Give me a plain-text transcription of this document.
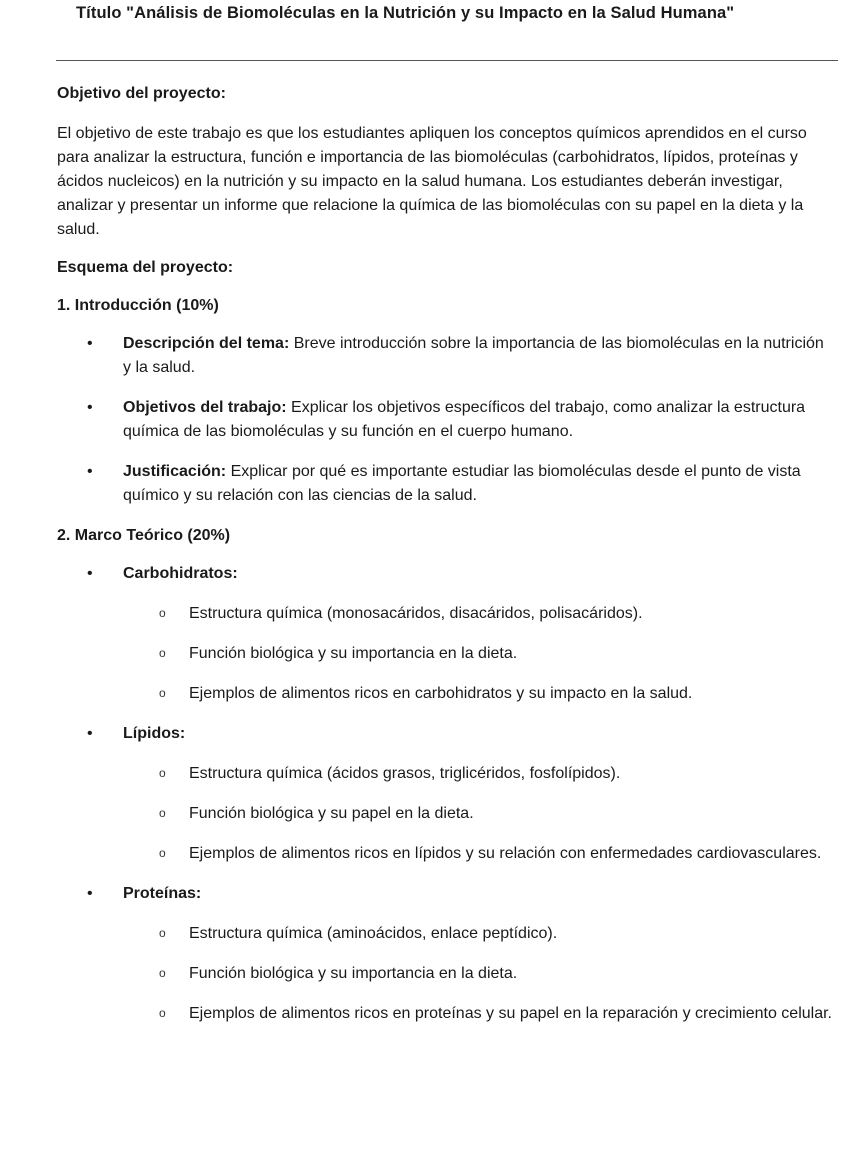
Título "Análisis de Biomoléculas en la Nutrición y su Impacto en la Salud Humana"

Objetivo del proyecto:

El objetivo de este trabajo es que los estudiantes apliquen los conceptos químicos aprendidos en el curso para analizar la estructura, función e importancia de las biomoléculas (carbohidratos, lípidos, proteínas y ácidos nucleicos) en la nutrición y su impacto en la salud humana. Los estudiantes deberán investigar, analizar y presentar un informe que relacione la química de las biomoléculas con su papel en la dieta y la salud.

Esquema del proyecto:

1. Introducción (10%)

• Descripción del tema: Breve introducción sobre la importancia de las biomoléculas en la nutrición y la salud.
• Objetivos del trabajo: Explicar los objetivos específicos del trabajo, como analizar la estructura química de las biomoléculas y su función en el cuerpo humano.
• Justificación: Explicar por qué es importante estudiar las biomoléculas desde el punto de vista químico y su relación con las ciencias de la salud.

2. Marco Teórico (20%)

• Carbohidratos:
o Estructura química (monosacáridos, disacáridos, polisacáridos).
o Función biológica y su importancia en la dieta.
o Ejemplos de alimentos ricos en carbohidratos y su impacto en la salud.
• Lípidos:
o Estructura química (ácidos grasos, triglicéridos, fosfolípidos).
o Función biológica y su papel en la dieta.
o Ejemplos de alimentos ricos en lípidos y su relación con enfermedades cardiovasculares.
• Proteínas:
o Estructura química (aminoácidos, enlace peptídico).
o Función biológica y su importancia en la dieta.
o Ejemplos de alimentos ricos en proteínas y su papel en la reparación y crecimiento celular.
